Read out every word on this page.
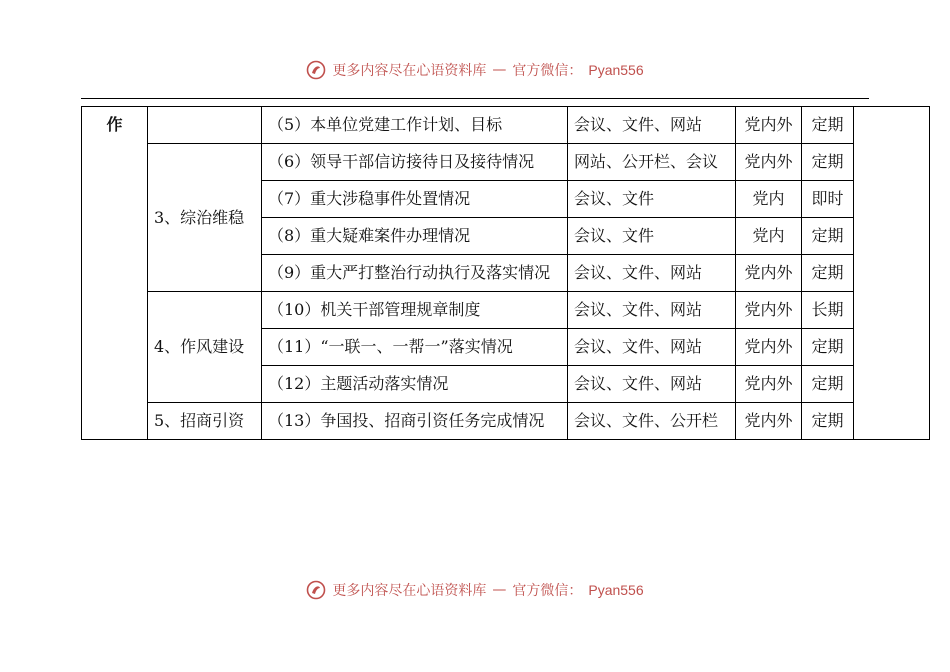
更多内容尽在心语资料库 — 官方微信： Pyan556
作		（5）本单位党建工作计划、目标	会议、文件、网站	党内外	定期	
	3、综治维稳	（6）领导干部信访接待日及接待情况	网站、公开栏、会议	党内外	定期	
		（7）重大涉稳事件处置情况	会议、文件	党内	即时	
		（8）重大疑难案件办理情况	会议、文件	党内	定期	
		（9）重大严打整治行动执行及落实情况	会议、文件、网站	党内外	定期	
	4、作风建设	（10）机关干部管理规章制度	会议、文件、网站	党内外	长期	
		（11）“一联一、一帮一”落实情况	会议、文件、网站	党内外	定期	
		（12）主题活动落实情况	会议、文件、网站	党内外	定期	
	5、招商引资	（13）争国投、招商引资任务完成情况	会议、文件、公开栏	党内外	定期	
更多内容尽在心语资料库 — 官方微信： Pyan556
